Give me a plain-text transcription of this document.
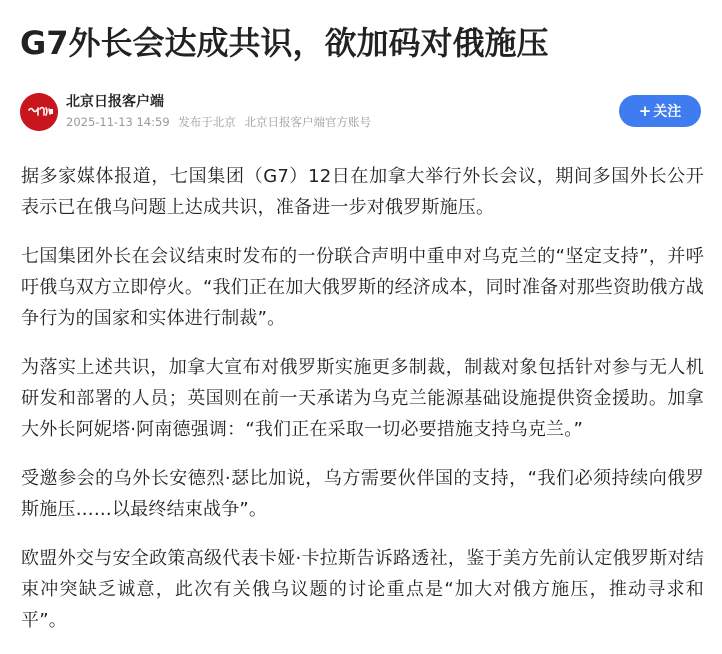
G7外长会达成共识，欲加码对俄施压
北京日报客户端
2025-11-13 14:59 发布于北京 北京日报客户端官方账号
+ 关注

据多家媒体报道，七国集团（G7）12日在加拿大举行外长会议，期间多国外长公开表示已在俄乌问题上达成共识，准备进一步对俄罗斯施压。

七国集团外长在会议结束时发布的一份联合声明中重申对乌克兰的“坚定支持”，并呼吁俄乌双方立即停火。“我们正在加大俄罗斯的经济成本，同时准备对那些资助俄方战争行为的国家和实体进行制裁”。

为落实上述共识，加拿大宣布对俄罗斯实施更多制裁，制裁对象包括针对参与无人机研发和部署的人员；英国则在前一天承诺为乌克兰能源基础设施提供资金援助。加拿大外长阿妮塔·阿南德强调：“我们正在采取一切必要措施支持乌克兰。”

受邀参会的乌外长安德烈·瑟比加说，乌方需要伙伴国的支持，“我们必须持续向俄罗斯施压……以最终结束战争”。

欧盟外交与安全政策高级代表卡娅·卡拉斯告诉路透社，鉴于美方先前认定俄罗斯对结束冲突缺乏诚意，此次有关俄乌议题的讨论重点是“加大对俄方施压，推动寻求和平”。
